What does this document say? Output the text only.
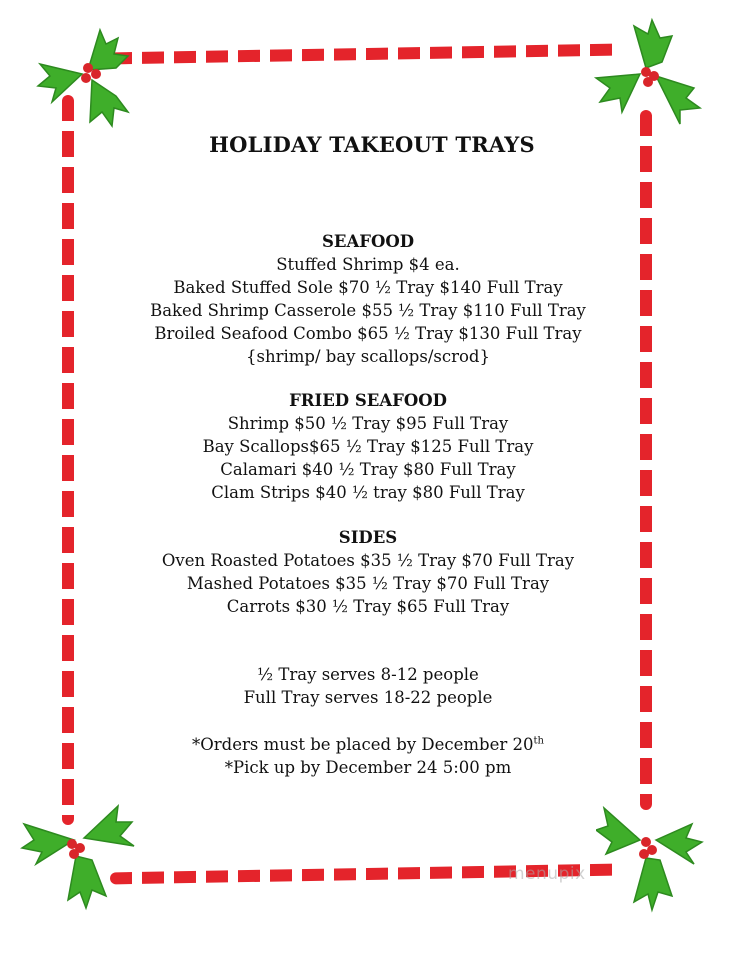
HOLIDAY TAKEOUT TRAYS
SEAFOOD
Stuffed Shrimp $4 ea.
Baked Stuffed Sole $70 ½ Tray $140 Full Tray
Baked Shrimp Casserole $55 ½ Tray $110 Full Tray
Broiled Seafood Combo $65 ½ Tray $130 Full Tray
{shrimp/ bay scallops/scrod}
FRIED SEAFOOD
Shrimp $50 ½ Tray $95 Full Tray
Bay Scallops$65 ½ Tray $125 Full Tray
Calamari $40 ½ Tray $80 Full Tray
Clam Strips $40 ½ tray $80 Full Tray
SIDES
Oven Roasted Potatoes $35 ½ Tray $70 Full Tray
Mashed Potatoes $35 ½ Tray $70 Full Tray
Carrots $30 ½ Tray $65 Full Tray
½ Tray serves 8-12 people
Full Tray serves 18-22 people
*Orders must be placed by December 20th
*Pick up by December 24 5:00 pm
menupix
